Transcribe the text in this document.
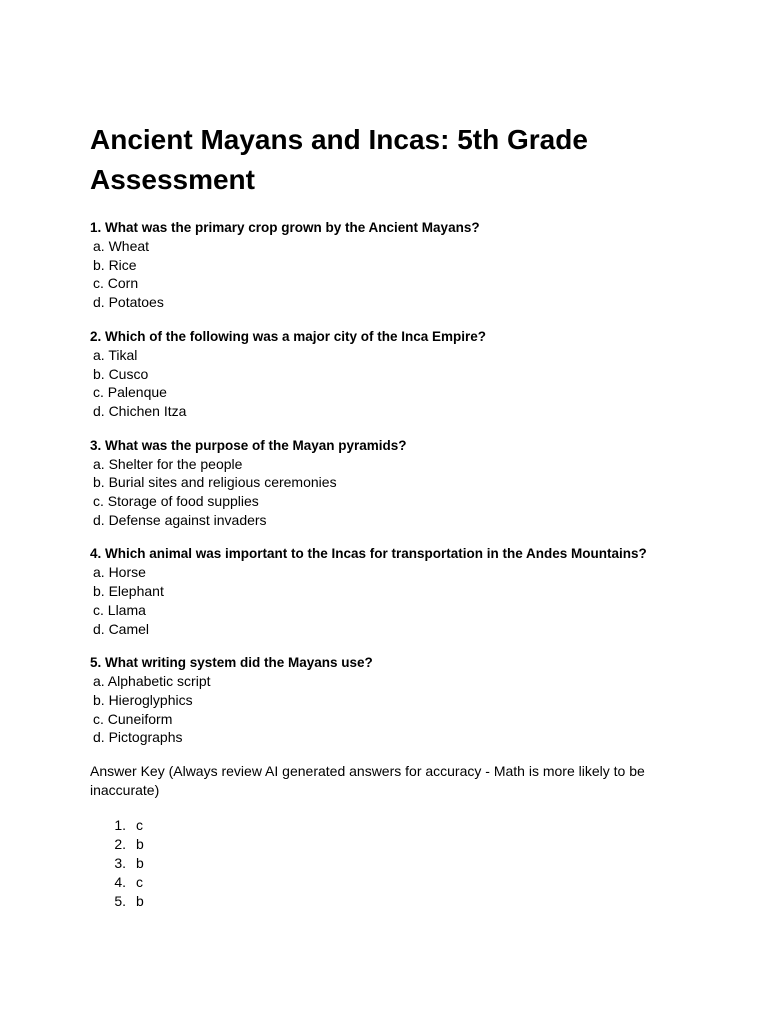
Ancient Mayans and Incas: 5th Grade Assessment

1. What was the primary crop grown by the Ancient Mayans?

a. Wheat

b. Rice

c. Corn

d. Potatoes

2. Which of the following was a major city of the Inca Empire?

a. Tikal

b. Cusco

c. Palenque

d. Chichen Itza

3. What was the purpose of the Mayan pyramids?

a. Shelter for the people

b. Burial sites and religious ceremonies

c. Storage of food supplies

d. Defense against invaders

4. Which animal was important to the Incas for transportation in the Andes Mountains?

a. Horse

b. Elephant

c. Llama

d. Camel

5. What writing system did the Mayans use?

a. Alphabetic script

b. Hieroglyphics

c. Cuneiform

d. Pictographs

Answer Key (Always review AI generated answers for accuracy - Math is more likely to be inaccurate)

1. c
2. b
3. b
4. c
5. b
